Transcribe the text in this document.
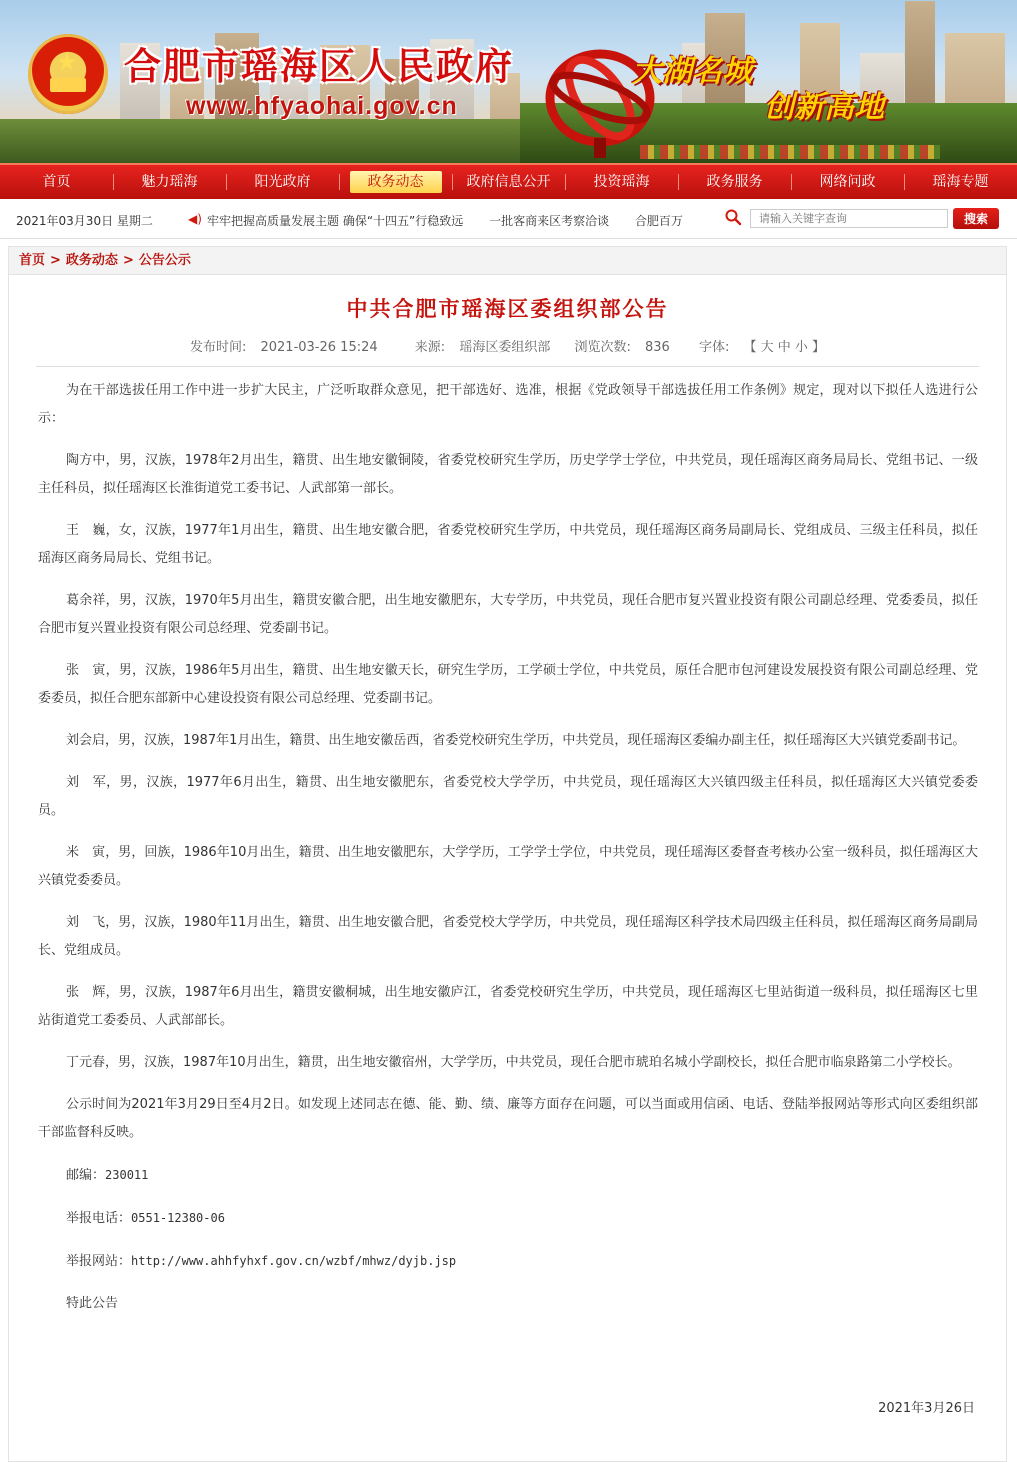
★ 合肥市瑶海区人民政府
www.hfyaohai.gov.cn
大湖名城
创新高地
首页	魅力瑶海	阳光政府	政务动态	政府信息公开	投资瑶海	政务服务	网络问政	瑶海专题
2021年03月30日 星期二	◀) 牢牢把握高质量发展主题 确保“十四五”行稳致远 一批客商来区考察洽谈 合肥百万
请输入关键字查询	搜索
首页 > 政务动态 > 公告公示
中共合肥市瑶海区委组织部公告
发布时间: 2021-03-26 15:24	来源: 瑶海区委组织部 浏览次数: 836 字体: 【 大 中 小 】

为在干部选拔任用工作中进一步扩大民主，广泛听取群众意见，把干部选好、选准，根据《党政领导干部选拔任用工作条例》规定，现对以下拟任人选进行公示：

陶方中，男，汉族，1978年2月出生，籍贯、出生地安徽铜陵，省委党校研究生学历，历史学学士学位，中共党员，现任瑶海区商务局局长、党组书记、一级主任科员，拟任瑶海区长淮街道党工委书记、人武部第一部长。

王　巍，女，汉族，1977年1月出生，籍贯、出生地安徽合肥，省委党校研究生学历，中共党员，现任瑶海区商务局副局长、党组成员、三级主任科员，拟任瑶海区商务局局长、党组书记。

葛余祥，男，汉族，1970年5月出生，籍贯安徽合肥，出生地安徽肥东，大专学历，中共党员，现任合肥市复兴置业投资有限公司副总经理、党委委员，拟任合肥市复兴置业投资有限公司总经理、党委副书记。

张　寅，男，汉族，1986年5月出生，籍贯、出生地安徽天长，研究生学历，工学硕士学位，中共党员，原任合肥市包河建设发展投资有限公司副总经理、党委委员，拟任合肥东部新中心建设投资有限公司总经理、党委副书记。

刘会启，男，汉族，1987年1月出生，籍贯、出生地安徽岳西，省委党校研究生学历，中共党员，现任瑶海区委编办副主任，拟任瑶海区大兴镇党委副书记。

刘　军，男，汉族，1977年6月出生，籍贯、出生地安徽肥东，省委党校大学学历，中共党员，现任瑶海区大兴镇四级主任科员，拟任瑶海区大兴镇党委委员。

米　寅，男，回族，1986年10月出生，籍贯、出生地安徽肥东，大学学历，工学学士学位，中共党员，现任瑶海区委督查考核办公室一级科员，拟任瑶海区大兴镇党委委员。

刘　飞，男，汉族，1980年11月出生，籍贯、出生地安徽合肥，省委党校大学学历，中共党员，现任瑶海区科学技术局四级主任科员，拟任瑶海区商务局副局长、党组成员。

张　辉，男，汉族，1987年6月出生，籍贯安徽桐城，出生地安徽庐江，省委党校研究生学历，中共党员，现任瑶海区七里站街道一级科员，拟任瑶海区七里站街道党工委委员、人武部部长。

丁元春，男，汉族，1987年10月出生，籍贯，出生地安徽宿州，大学学历，中共党员，现任合肥市琥珀名城小学副校长，拟任合肥市临泉路第二小学校长。

公示时间为2021年3月29日至4月2日。如发现上述同志在德、能、勤、绩、廉等方面存在问题，可以当面或用信函、电话、登陆举报网站等形式向区委组织部干部监督科反映。

邮编：230011

举报电话：0551-12380-06

举报网站：http://www.ahhfyhxf.gov.cn/wzbf/mhwz/dyjb.jsp

特此公告

2021年3月26日
